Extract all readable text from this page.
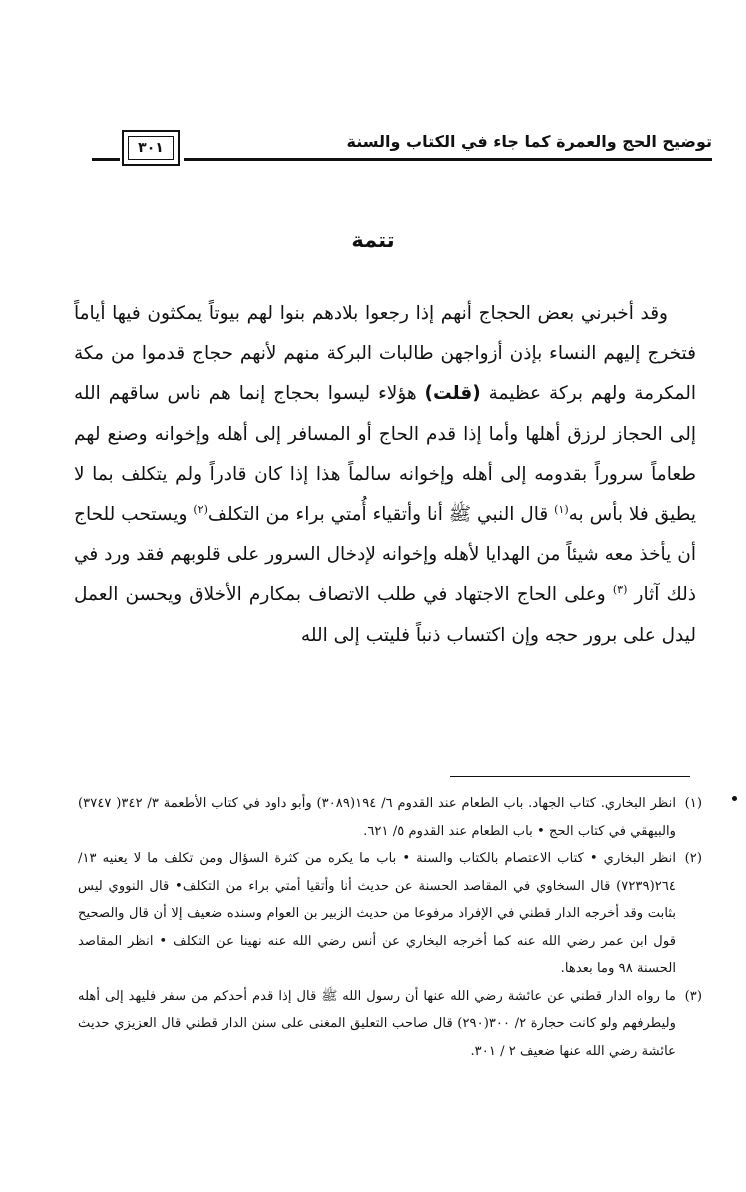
توضيح الحج والعمرة كما جاء في الكتاب والسنة
٣٠١
تتمة

وقد أخبرني بعض الحجاج أنهم إذا رجعوا بلادهم بنوا لهم بيوتاً يمكثون فيها أياماً فتخرج إليهم النساء بإذن أزواجهن طالبات البركة منهم لأنهم حجاج قدموا من مكة المكرمة ولهم بركة عظيمة (قلت) هؤلاء ليسوا بحجاج إنما هم ناس ساقهم الله إلى الحجاز لرزق أهلها وأما إذا قدم الحاج أو المسافر إلى أهله وإخوانه وصنع لهم طعاماً سروراً بقدومه إلى أهله وإخوانه سالماً هذا إذا كان قادراً ولم يتكلف بما لا يطيق فلا بأس به$^{(١)}$ قال النبي ﷺ أنا وأتقياء أُمتي براء من التكلف$^{(٢)}$ ويستحب للحاج أن يأخذ معه شيئاً من الهدايا لأهله وإخوانه لإدخال السرور على قلوبهم فقد ورد في ذلك آثار $^{(٣)}$ وعلى الحاج الاجتهاد في طلب الاتصاف بمكارم الأخلاق ويحسن العمل ليدل على برور حجه وإن اكتساب ذنباً فليتب إلى الله

(١)
انظر البخاري. كتاب الجهاد. باب الطعام عند القدوم ٦/ ١٩٤(٣٠٨٩) وأبو داود في كتاب الأطعمة ٣/ ٣٤٢( ٣٧٤٧) والبيهقي في كتاب الحج • باب الطعام عند القدوم ٥/ ٦٢١.
(٢)
انظر البخاري • كتاب الاعتصام بالكتاب والسنة • باب ما يكره من كثرة السؤال ومن تكلف ما لا يعنيه ١٣/ ٢٦٤(٧٢٣٩) قال السخاوي في المقاصد الحسنة عن حديث أنا وأتقيا أمتي براء من التكلف• قال النووي ليس بثابت وقد أخرجه الدار قطني في الإفراد مرفوعا من حديث الزبير بن العوام وسنده ضعيف إلا أن قال والصحيح قول ابن عمر رضي الله عنه كما أخرجه البخاري عن أنس رضي الله عنه نهينا عن التكلف • انظر المقاصد الحسنة ٩٨ وما بعدها.
(٣)
ما رواه الدار قطني عن عائشة رضي الله عنها أن رسول الله ﷺ قال إذا قدم أحدكم من سفر فليهد إلى أهله وليطرفهم ولو كانت حجارة ٢/ ٣٠٠(٢٩٠) قال صاحب التعليق المغنى على سنن الدار قطني قال العزيزي حديث عائشة رضي الله عنها ضعيف ٢ / ٣٠١.
